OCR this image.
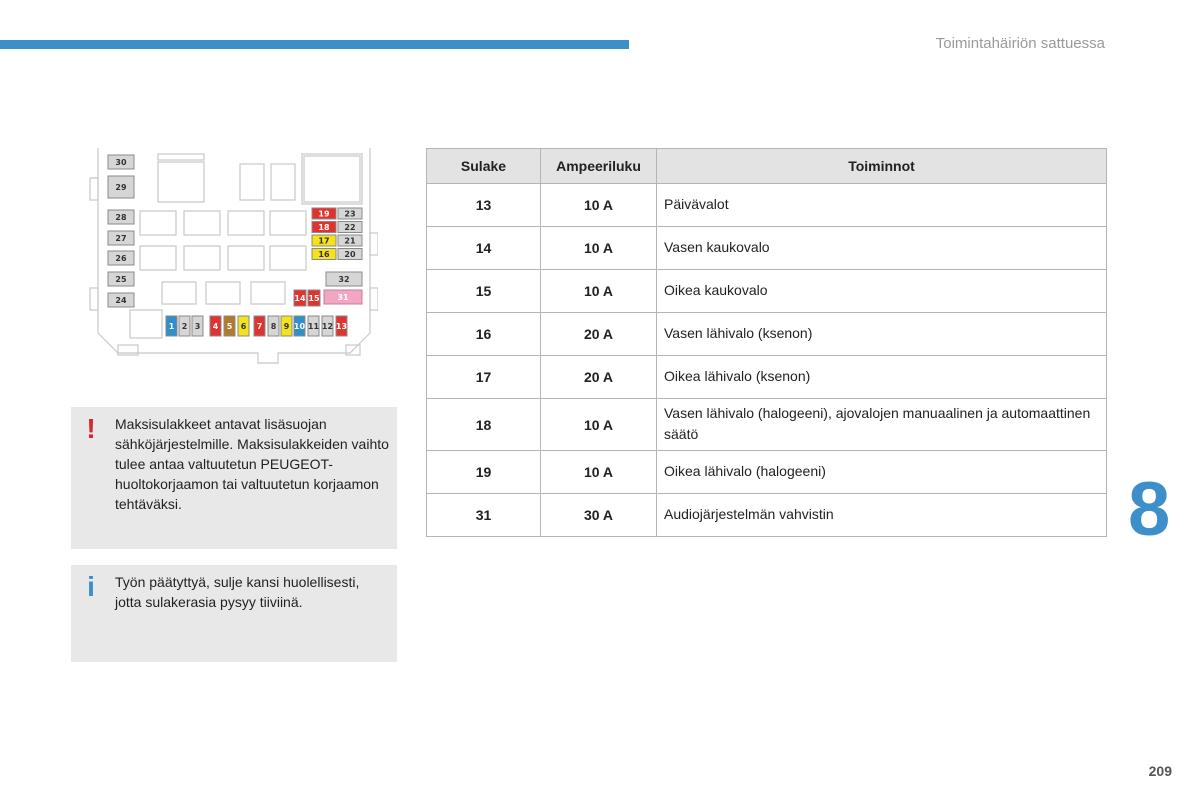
Toimintahäiriön sattuessa
30
29
28
27
26
25
24
19 23
18 22
17 21
16 20
32
14 15 31
1 2 3 4 5 6 7 8 9 10 11 12 13
! Maksisulakkeet antavat lisäsuojan sähköjärjestelmille. Maksisulakkeiden vaihto tulee antaa valtuutetun PEUGEOT-huoltokorjaamon tai valtuutetun korjaamon tehtäväksi.
i Työn päätyttyä, sulje kansi huolellisesti, jotta sulakerasia pysyy tiiviinä.
Sulake	Ampeeriluku	Toiminnot
13	10 A	Päivävalot
14	10 A	Vasen kaukovalo
15	10 A	Oikea kaukovalo
16	20 A	Vasen lähivalo (ksenon)
17	20 A	Oikea lähivalo (ksenon)
18	10 A	Vasen lähivalo (halogeeni), ajovalojen manuaalinen ja automaattinen säätö
19	10 A	Oikea lähivalo (halogeeni)
31	30 A	Audiojärjestelmän vahvistin	8
209
